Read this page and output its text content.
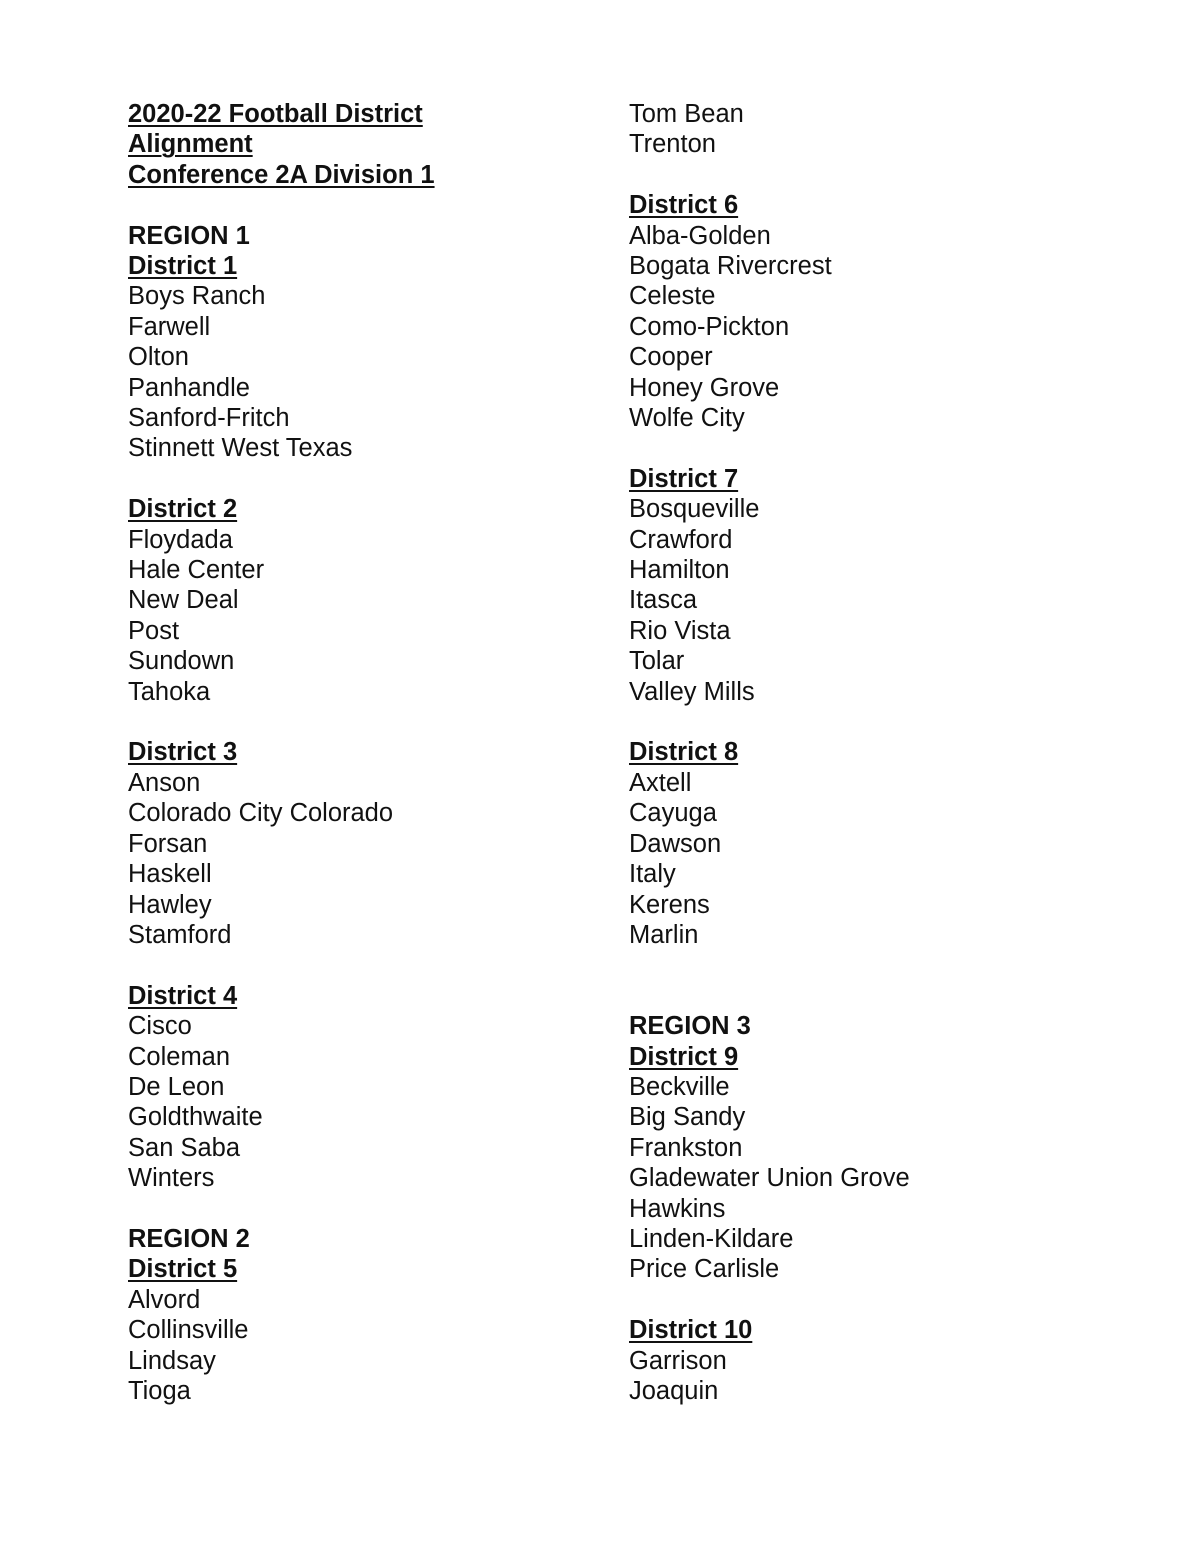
2020-22 Football District
Alignment
Conference 2A Division 1
REGION 1
District 1
Boys Ranch
Farwell
Olton
Panhandle
Sanford-Fritch
Stinnett West Texas
District 2
Floydada
Hale Center
New Deal
Post
Sundown
Tahoka
District 3
Anson
Colorado City Colorado
Forsan
Haskell
Hawley
Stamford
District 4
Cisco
Coleman
De Leon
Goldthwaite
San Saba
Winters
REGION 2
District 5
Alvord
Collinsville
Lindsay
Tioga
Tom Bean
Trenton
District 6
Alba-Golden
Bogata Rivercrest
Celeste
Como-Pickton
Cooper
Honey Grove
Wolfe City
District 7
Bosqueville
Crawford
Hamilton
Itasca
Rio Vista
Tolar
Valley Mills
District 8
Axtell
Cayuga
Dawson
Italy
Kerens
Marlin
REGION 3
District 9
Beckville
Big Sandy
Frankston
Gladewater Union Grove
Hawkins
Linden-Kildare
Price Carlisle
District 10
Garrison
Joaquin
